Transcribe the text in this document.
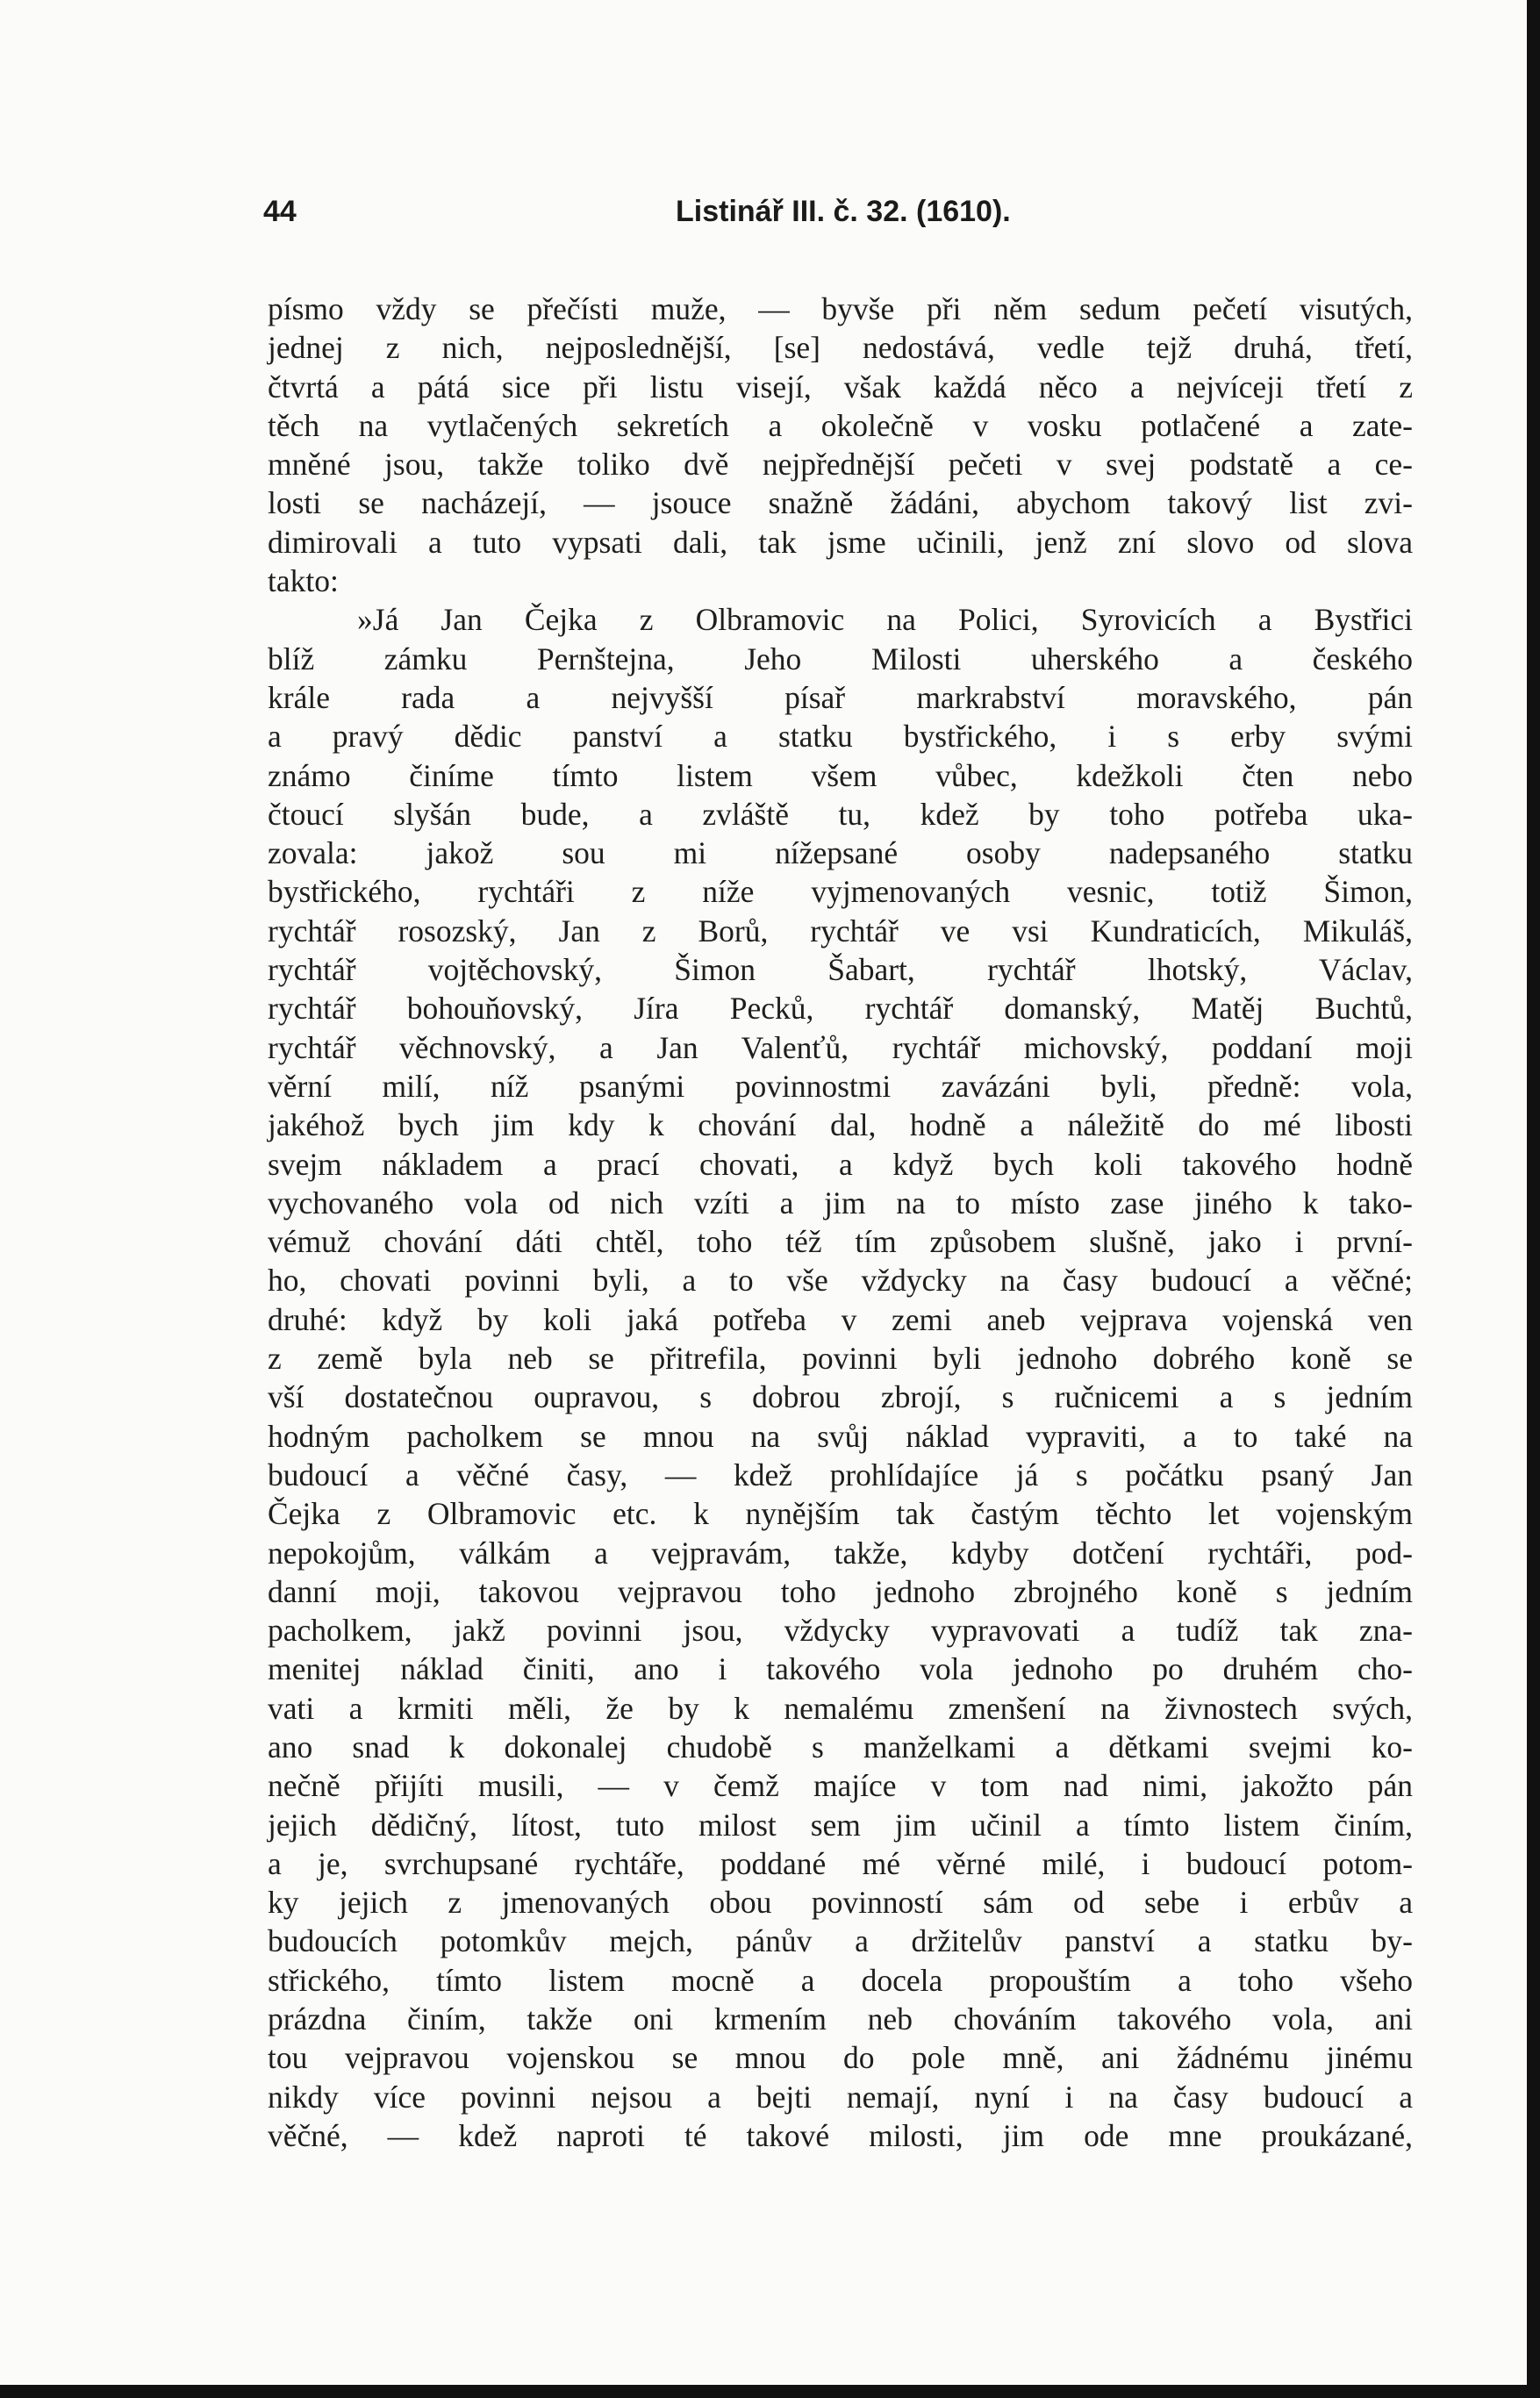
44	Listinář III. č. 32. (1610).
písmo vždy se přečísti muže, — byvše při něm sedum pečetí visutých,
jednej z nich, nejposlednější, [se] nedostává, vedle tejž druhá, třetí,
čtvrtá a pátá sice při listu visejí, však každá něco a nejvíceji třetí z
těch na vytlačených sekretích a okolečně v vosku potlačené a zate-
mněné jsou, takže toliko dvě nejpřednější pečeti v svej podstatě a ce-
losti se nacházejí, — jsouce snažně žádáni, abychom takový list zvi-
dimirovali a tuto vypsati dali, tak jsme učinili, jenž zní slovo od slova
takto:
»Já Jan Čejka z Olbramovic na Polici, Syrovicích a Bystřici
blíž zámku Pernštejna, Jeho Milosti uherského a českého
krále rada a nejvyšší písař markrabství moravského, pán
a pravý dědic panství a statku bystřického, i s erby svými
známo činíme tímto listem všem vůbec, kdežkoli čten nebo
čtoucí slyšán bude, a zvláště tu, kdež by toho potřeba uka-
zovala: jakož sou mi nížepsané osoby nadepsaného statku
bystřického, rychtáři z níže vyjmenovaných vesnic, totiž Šimon,
rychtář rosozský, Jan z Borů, rychtář ve vsi Kundraticích, Mikuláš,
rychtář vojtěchovský, Šimon Šabart, rychtář lhotský, Václav,
rychtář bohouňovský, Jíra Pecků, rychtář domanský, Matěj Buchtů,
rychtář věchnovský, a Jan Valenťů, rychtář michovský, poddaní moji
věrní milí, níž psanými povinnostmi zavázáni byli, předně: vola,
jakéhož bych jim kdy k chování dal, hodně a náležitě do mé libosti
svejm nákladem a prací chovati, a když bych koli takového hodně
vychovaného vola od nich vzíti a jim na to místo zase jiného k tako-
vémuž chování dáti chtěl, toho též tím způsobem slušně, jako i první-
ho, chovati povinni byli, a to vše vždycky na časy budoucí a věčné;
druhé: když by koli jaká potřeba v zemi aneb vejprava vojenská ven
z země byla neb se přitrefila, povinni byli jednoho dobrého koně se
vší dostatečnou oupravou, s dobrou zbrojí, s ručnicemi a s jedním
hodným pacholkem se mnou na svůj náklad vypraviti, a to také na
budoucí a věčné časy, — kdež prohlídajíce já s počátku psaný Jan
Čejka z Olbramovic etc. k nynějším tak častým těchto let vojenským
nepokojům, válkám a vejpravám, takže, kdyby dotčení rychtáři, pod-
danní moji, takovou vejpravou toho jednoho zbrojného koně s jedním
pacholkem, jakž povinni jsou, vždycky vypravovati a tudíž tak zna-
menitej náklad činiti, ano i takového vola jednoho po druhém cho-
vati a krmiti měli, že by k nemalému zmenšení na živnostech svých,
ano snad k dokonalej chudobě s manželkami a dětkami svejmi ko-
nečně přijíti musili, — v čemž majíce v tom nad nimi, jakožto pán
jejich dědičný, lítost, tuto milost sem jim učinil a tímto listem činím,
a je, svrchupsané rychtáře, poddané mé věrné milé, i budoucí potom-
ky jejich z jmenovaných obou povinností sám od sebe i erbův a
budoucích potomkův mejch, pánův a držitelův panství a statku by-
střického, tímto listem mocně a docela propouštím a toho všeho
prázdna činím, takže oni krmením neb chováním takového vola, ani
tou vejpravou vojenskou se mnou do pole mně, ani žádnému jinému
nikdy více povinni nejsou a bejti nemají, nyní i na časy budoucí a
věčné, — kdež naproti té takové milosti, jim ode mne proukázané,
